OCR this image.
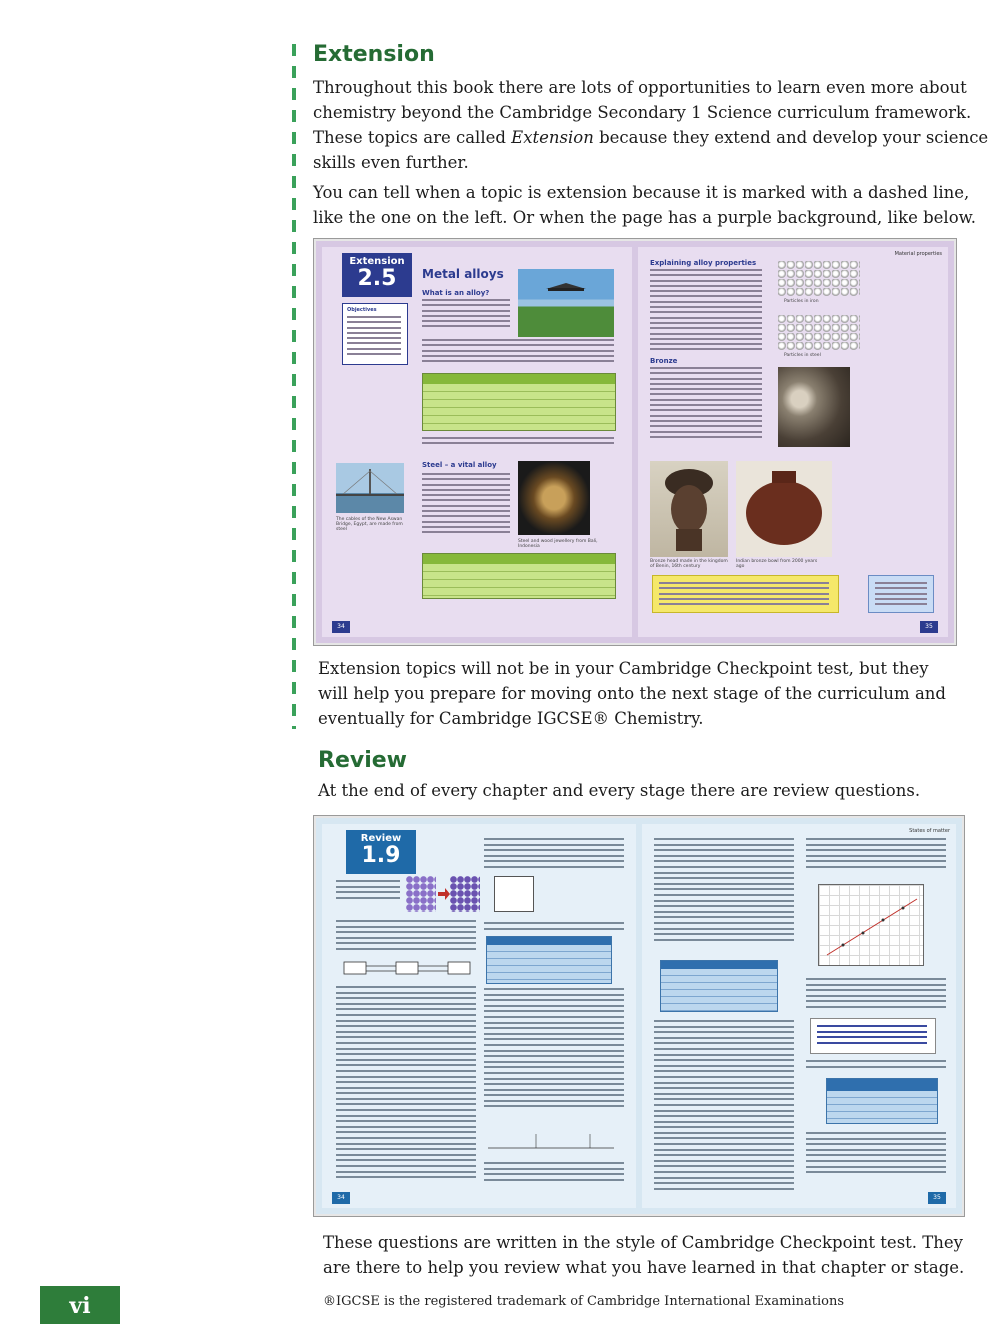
Extension
Throughout this book there are lots of opportunities to learn even more about
chemistry beyond the Cambridge Secondary 1 Science curriculum framework.
These topics are called Extension because they extend and develop your science
skills even further.
You can tell when a topic is extension because it is marked with a dashed line,
like the one on the left. Or when the page has a purple background, like below.
Extension
2.5
Objectives
Metal alloys
What is an alloy?
Steel – a vital alloy
The cables of the New Aswan Bridge, Egypt, are made from steel
Steel and wood jewellery from Bali, Indonesia
34
Material properties
Explaining alloy properties
Particles in iron
Particles in steel
Bronze
Bronze head made in the kingdom of Benin, 16th century
Indian bronze bowl from 2000 years ago
35
Extension topics will not be in your Cambridge Checkpoint test, but they
will help you prepare for moving onto the next stage of the curriculum and
eventually for Cambridge IGCSE® Chemistry.
Review
At the end of every chapter and every stage there are review questions.
Review
1.9
34
States of matter
35
These questions are written in the style of Cambridge Checkpoint test. They
are there to help you review what you have learned in that chapter or stage.
vi	®IGCSE is the registered trademark of Cambridge International Examinations
